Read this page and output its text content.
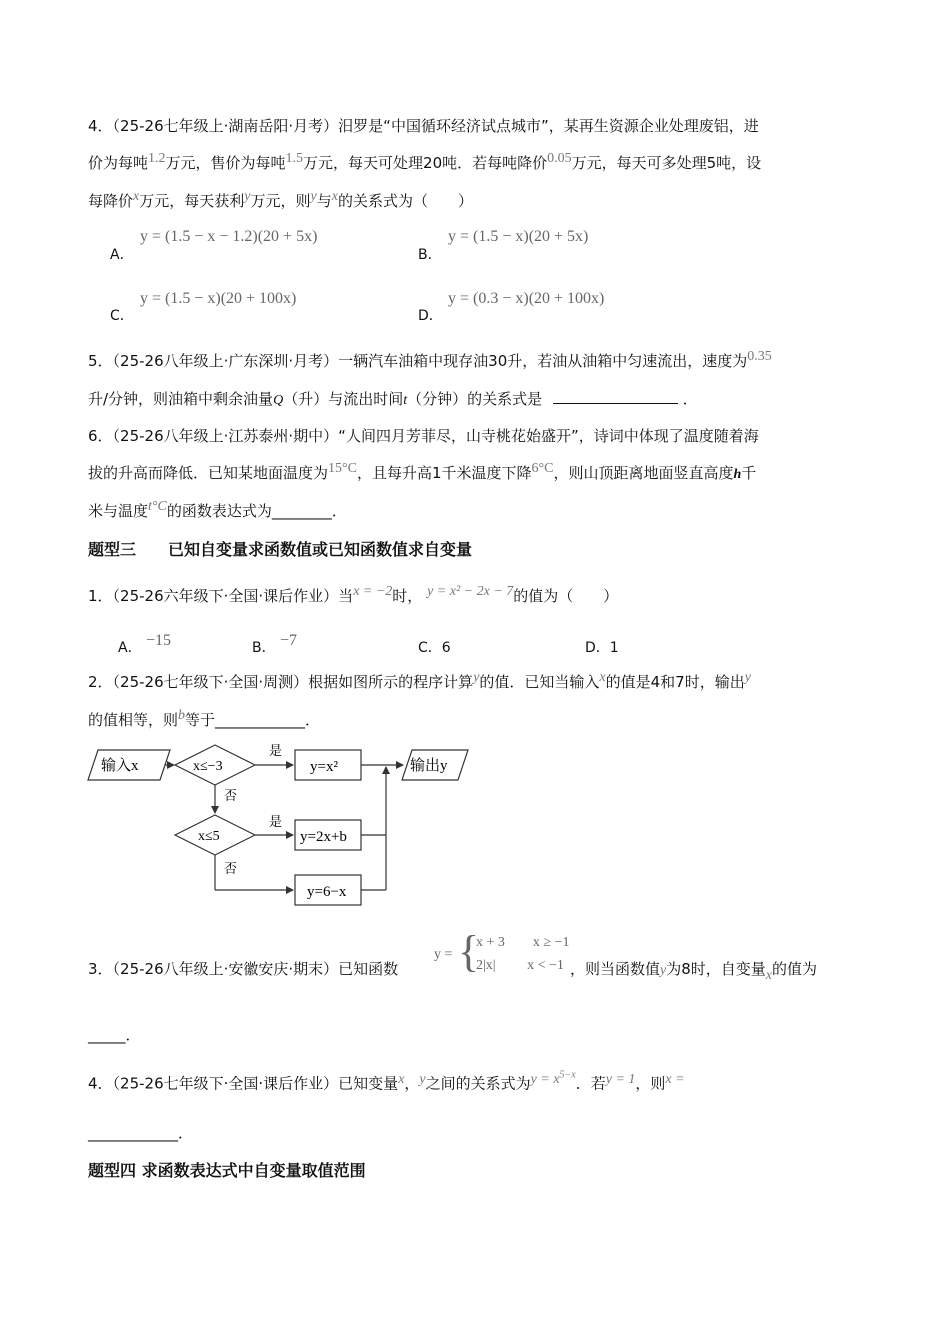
4．（25-26七年级上·湖南岳阳·月考）汨罗是“中国循环经济试点城市”，某再生资源企业处理废铝，进
价为每吨1.2万元，售价为每吨1.5万元，每天可处理20吨．若每吨降价0.05万元，每天可多处理5吨，设
每降价x万元，每天获利y万元，则y与x的关系式为（　　）
A．
y = (1.5 − x − 1.2)(20 + 5x)
B．
y = (1.5 − x)(20 + 5x)
C．
y = (1.5 − x)(20 + 100x)
D．
y = (0.3 − x)(20 + 100x)
5．（25-26八年级上·广东深圳·月考）一辆汽车油箱中现存油30升，若油从油箱中匀速流出，速度为0.35
升/分钟，则油箱中剩余油量Q（升）与流出时间t（分钟）的关系式是	．
6．（25-26八年级上·江苏泰州·期中）“人间四月芳菲尽，山寺桃花始盛开”，诗词中体现了温度随着海
拔的升高而降低．已知某地面温度为15°C，且每升高1千米温度下降6°C，则山顶距离地面竖直高度h千
米与温度t°C的函数表达式为________．
题型三　　已知自变量求函数值或已知函数值求自变量
1．（25-26六年级下·全国·课后作业）当x = −2时， y = x² − 2x − 7的值为（　　）
A． −15	B． −7	C．6	D．1
2．（25-26七年级下·全国·周测）根据如图所示的程序计算y的值．已知当输入x的值是4和7时，输出y
的值相等，则b等于____________．
输入x	x≤−3
是
y=x²	输出y
否
x≤5
是
y=2x+b
否
y=6−x
3．（25-26八年级上·安徽安庆·期末）已知函数
y = {
x + 3　　x ≥ −1
2|x|　　 x < −1 ，则当函数值y为8时，自变量x的值为
_____．
4．（25-26七年级下·全国·课后作业）已知变量x，y之间的关系式为$y = x^{5-x}$．若y = 1，则x =
____________．
题型四 求函数表达式中自变量取值范围
